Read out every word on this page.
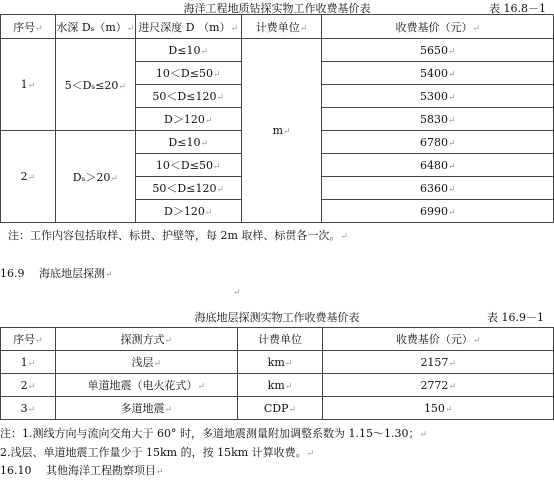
海洋工程地质钻探实物工作收费基价表	表 16.8－1
序号↵	水深 Dₛ（m）↵	进尺深度 D （m）↵	计费单位↵	收费基价（元）↵
1↵	5＜Dₛ≤20↵	D≤10↵	m↵	5650↵
		10＜D≤50↵		5400↵
		50＜D≤120↵		5300↵
		D＞120↵		5830↵
2↵	Dₛ＞20↵	D≤10↵		6780↵
		10＜D≤50↵		6480↵
		50＜D≤120↵		6360↵
		D＞120↵		6990↵
注：工作内容包括取样、标贯、护壁等，每 2m 取样、标贯各一次。↵
16.9　 海底地层探测↵
↵
海底地层探测实物工作收费基价表	表 16.9－1
序号↵	探测方式↵	计费单位	收费基价（元）↵
1↵	浅层↵	km↵	2157↵
2↵	单道地震（电火花式）↵	km↵	2772↵
3↵	多道地震↵	CDP↵	150↵
注：1.测线方向与流向交角大于 60° 时，多道地震测量附加调整系数为 1.15～1.30；↵
2.浅层、单道地震工作量少于 15km 的，按 15km 计算收费。↵
16.10　 其他海洋工程勘察项目↵
